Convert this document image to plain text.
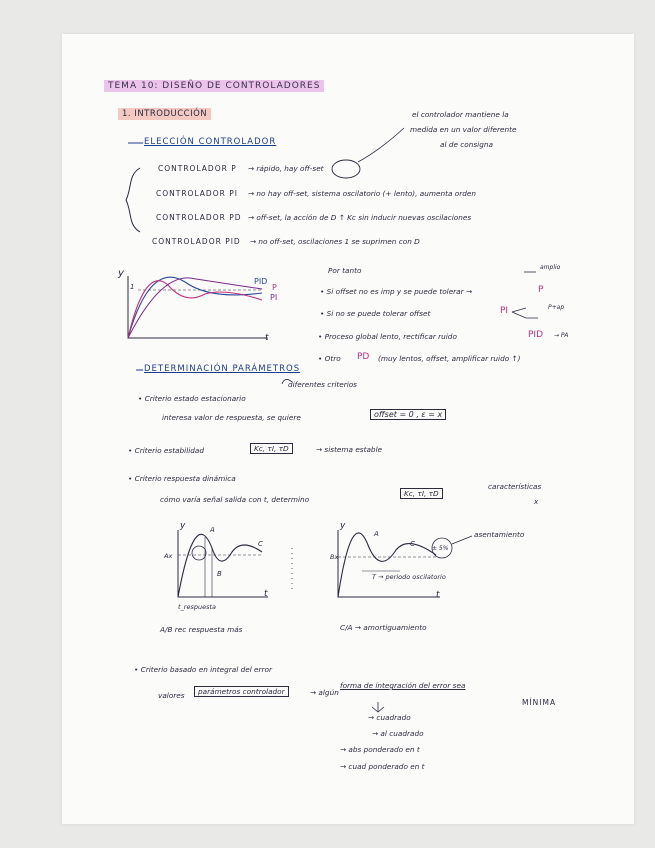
TEMA 10: DISEÑO DE CONTROLADORES
1. INTRODUCCIÓN	el controlador mantiene la
medida en un valor diferente
al de consigna
ELECCIÓN CONTROLADOR
CONTROLADOR P → rápido, hay off-set
CONTROLADOR PI → no hay off-set, sistema oscilatorio (+ lento), aumenta orden
CONTROLADOR PD → off-set, la acción de D ↑ Kc sin inducir nuevas oscilaciones
CONTROLADOR PID → no off-set, oscilaciones 1 se suprimen con D
y
1
t
PID
P
PI
Por tanto
• Si offset no es imp y se puede tolerar →	P
amplio
• Si no se puede tolerar offset	PI	P+ap
• Proceso global lento, rectificar ruido	PID → PA
• Otro PD (muy lentos, offset, amplificar ruido ↑)
DETERMINACIÓN PARÁMETROS
diferentes criterios
• Criterio estado estacionario
interesa valor de respuesta, se quiere	offset = 0 , ε = x
• Criterio estabilidad	Kc, τI, τD	→ sistema estable
• Criterio respuesta dinámica
cómo varía señal salida con t, determino
Kc, τI, τD
características
x
y
t
A
B
C
Ax
t_respuesta
A/B rec respuesta más
y
t
A
C
Bx
T → periodo oscilatorio
± 5%
asentamiento
C/A → amortiguamiento
• Criterio basado en integral del error
valores	parámetros controlador	→ algún
forma de integración del error sea
MÍNIMA
→ cuadrado
→ al cuadrado
→ abs ponderado en t
→ cuad ponderado en t
